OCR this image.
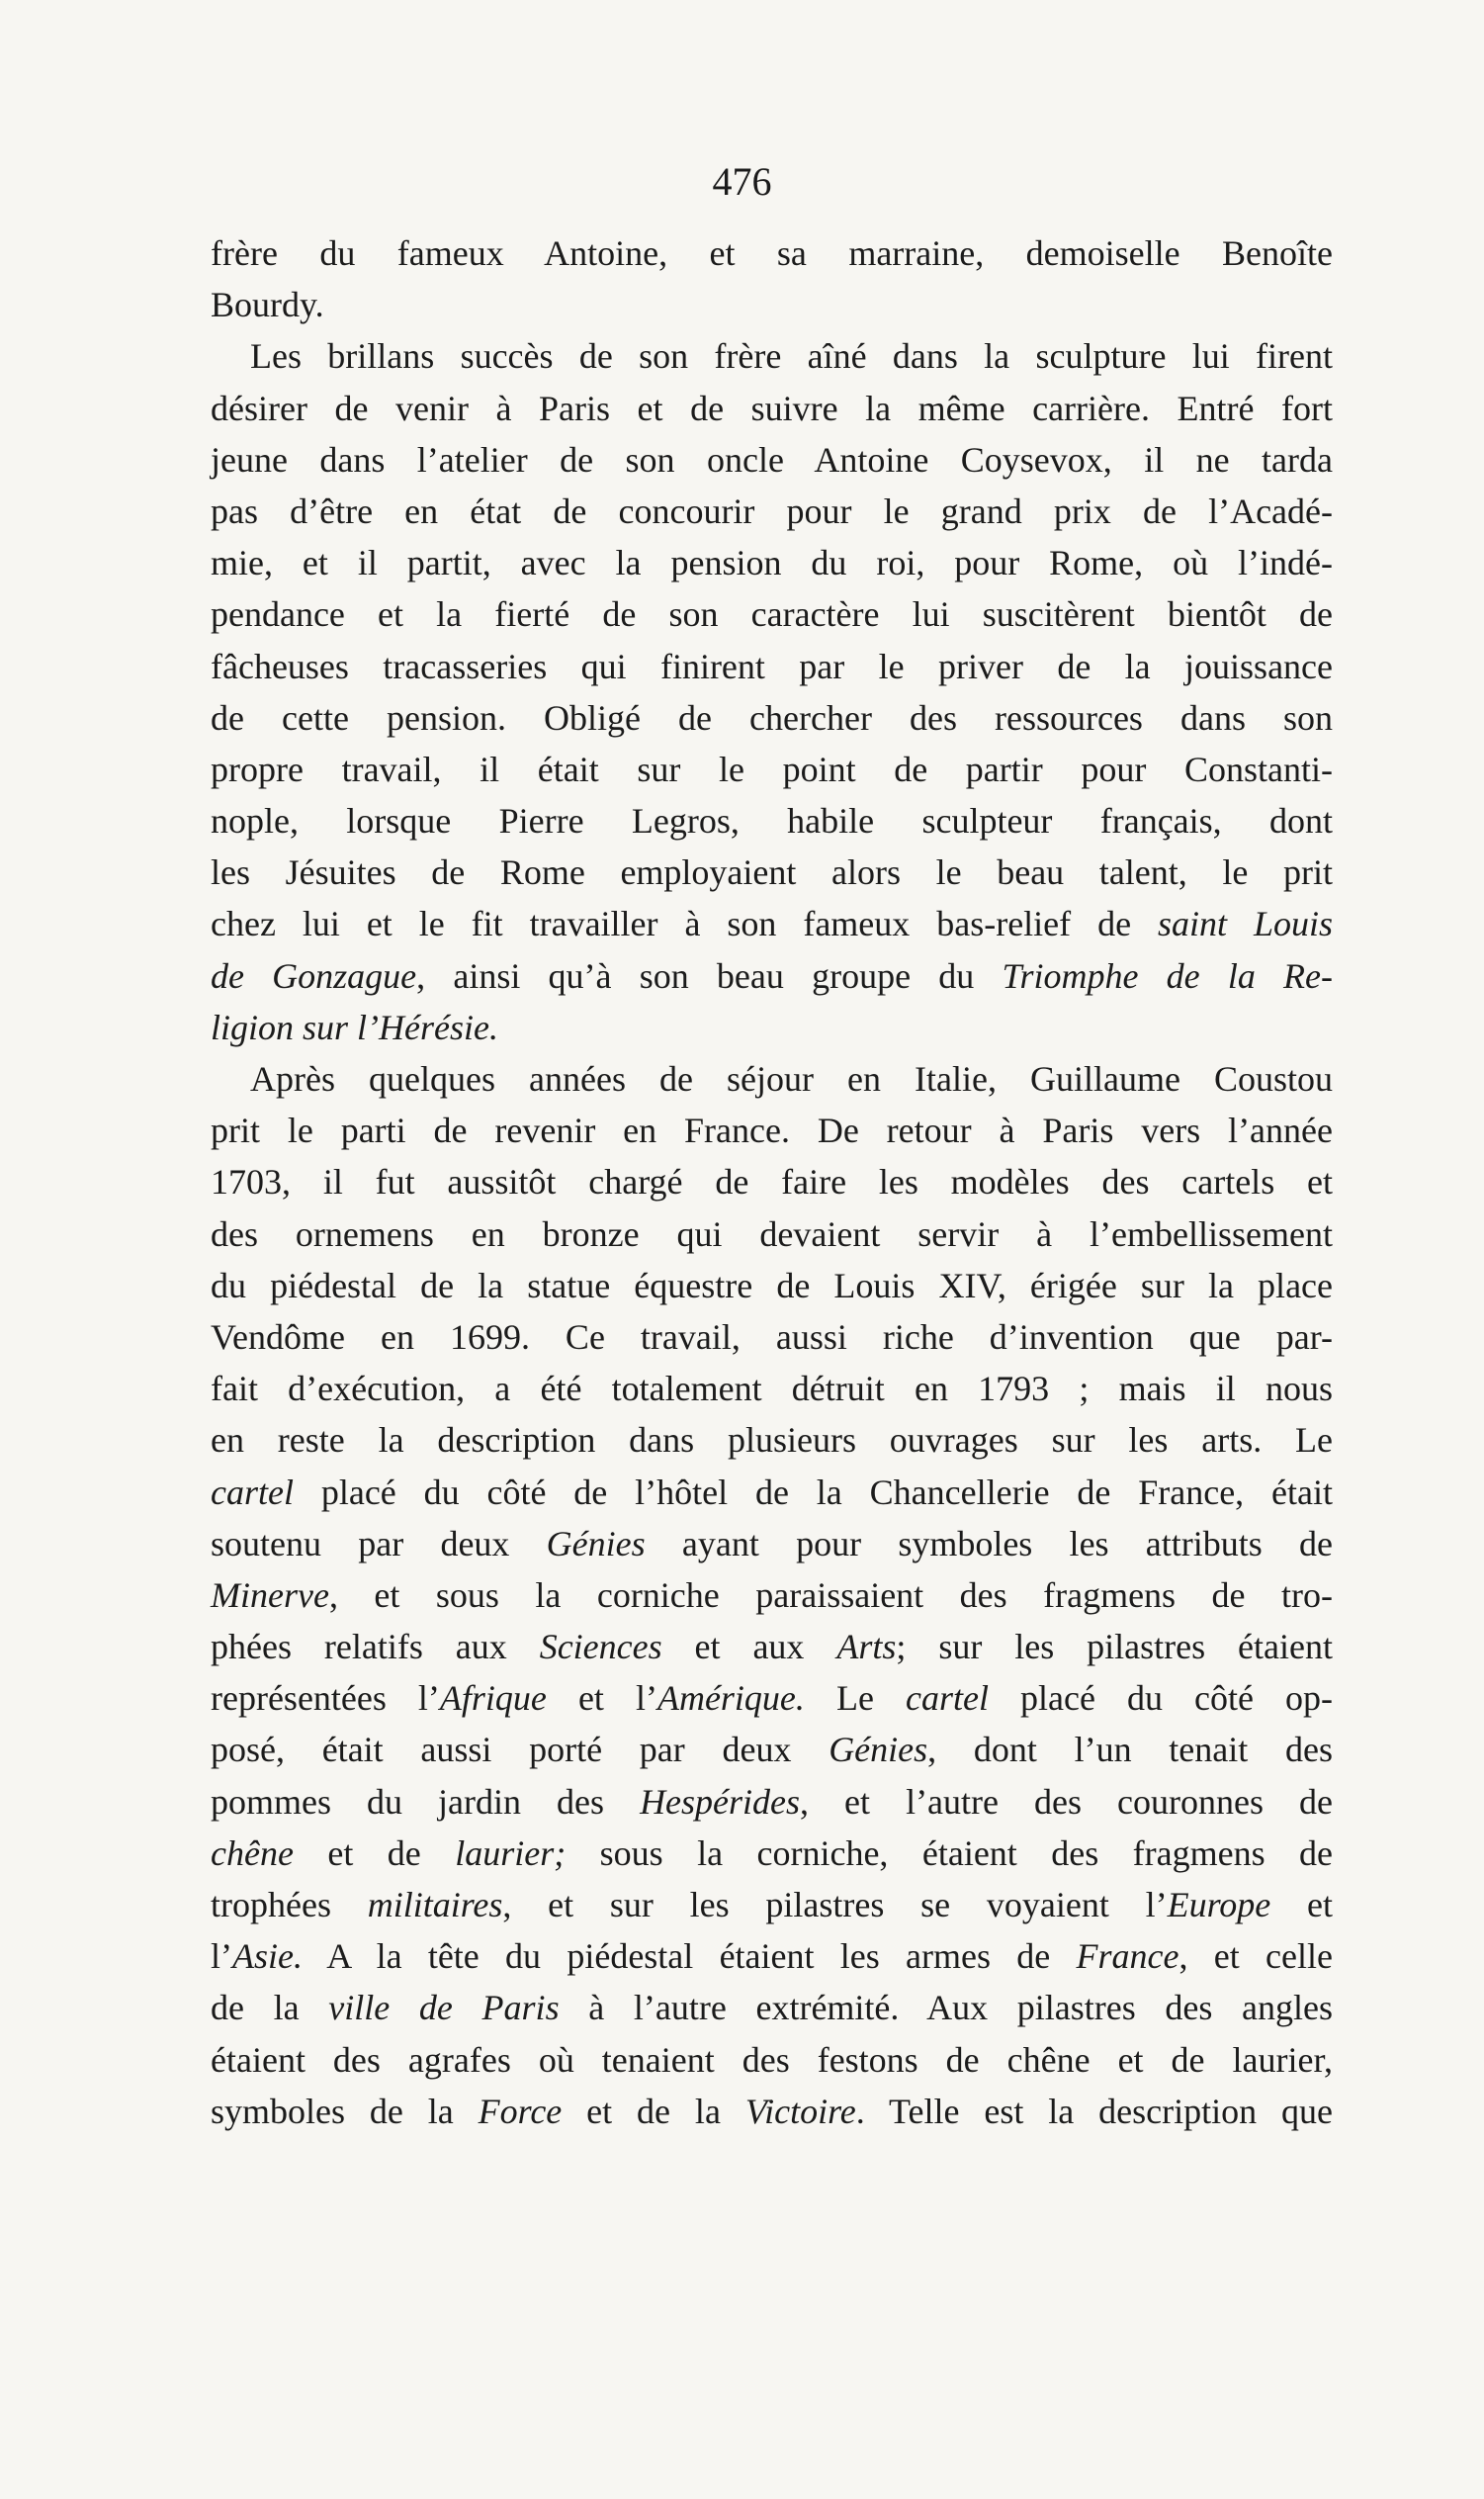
476
frère du fameux Antoine, et sa marraine, demoiselle Benoîte
Bourdy.
Les brillans succès de son frère aîné dans la sculpture lui firent
désirer de venir à Paris et de suivre la même carrière. Entré fort
jeune dans l’atelier de son oncle Antoine Coysevox, il ne tarda
pas d’être en état de concourir pour le grand prix de l’Acadé-
mie, et il partit, avec la pension du roi, pour Rome, où l’indé-
pendance et la fierté de son caractère lui suscitèrent bientôt de
fâcheuses tracasseries qui finirent par le priver de la jouissance
de cette pension. Obligé de chercher des ressources dans son
propre travail, il était sur le point de partir pour Constanti-
nople, lorsque Pierre Legros, habile sculpteur français, dont
les Jésuites de Rome employaient alors le beau talent, le prit
chez lui et le fit travailler à son fameux bas-relief de saint Louis
de Gonzague, ainsi qu’à son beau groupe du Triomphe de la Re-
ligion sur l’Hérésie.
Après quelques années de séjour en Italie, Guillaume Coustou
prit le parti de revenir en France. De retour à Paris vers l’année
1703, il fut aussitôt chargé de faire les modèles des cartels et
des ornemens en bronze qui devaient servir à l’embellissement
du piédestal de la statue équestre de Louis XIV, érigée sur la place
Vendôme en 1699. Ce travail, aussi riche d’invention que par-
fait d’exécution, a été totalement détruit en 1793 ; mais il nous
en reste la description dans plusieurs ouvrages sur les arts. Le
cartel placé du côté de l’hôtel de la Chancellerie de France, était
soutenu par deux Génies ayant pour symboles les attributs de
Minerve, et sous la corniche paraissaient des fragmens de tro-
phées relatifs aux Sciences et aux Arts; sur les pilastres étaient
représentées l’Afrique et l’Amérique. Le cartel placé du côté op-
posé, était aussi porté par deux Génies, dont l’un tenait des
pommes du jardin des Hespérides, et l’autre des couronnes de
chêne et de laurier; sous la corniche, étaient des fragmens de
trophées militaires, et sur les pilastres se voyaient l’Europe et
l’Asie. A la tête du piédestal étaient les armes de France, et celle
de la ville de Paris à l’autre extrémité. Aux pilastres des angles
étaient des agrafes où tenaient des festons de chêne et de laurier,
symboles de la Force et de la Victoire. Telle est la description que
